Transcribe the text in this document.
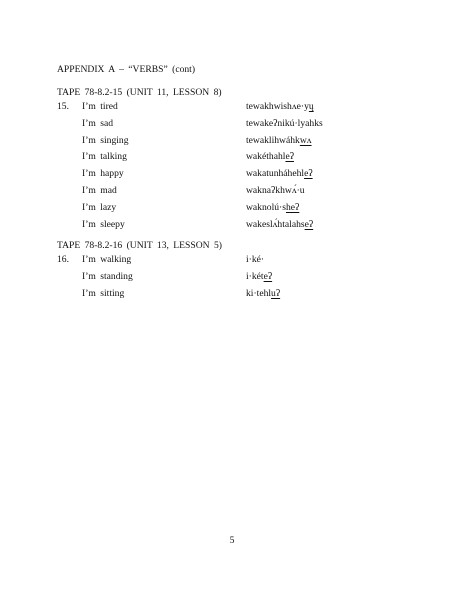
APPENDIX A – “VERBS” (cont)
TAPE 78-8.2-15 (UNIT 11, LESSON 8)
15. I’m tired	tewakhwishʌe·yų
I’m sad	tewakeʔnikú·lyahks
I’m singing	tewaklihwáhkwʌ
I’m talking	wakéthahleʔ
I’m happy	wakatunháhehleʔ
I’m mad	waknaʔkhwʌ́·u
I’m lazy	waknolú·sheʔ
I’m sleepy	wakeslʌ́htalahseʔ
TAPE 78-8.2-16 (UNIT 13, LESSON 5)
16. I’m walking	i·ké·
I’m standing	i·kéteʔ
I’m sitting	ki·tehluʔ
5
